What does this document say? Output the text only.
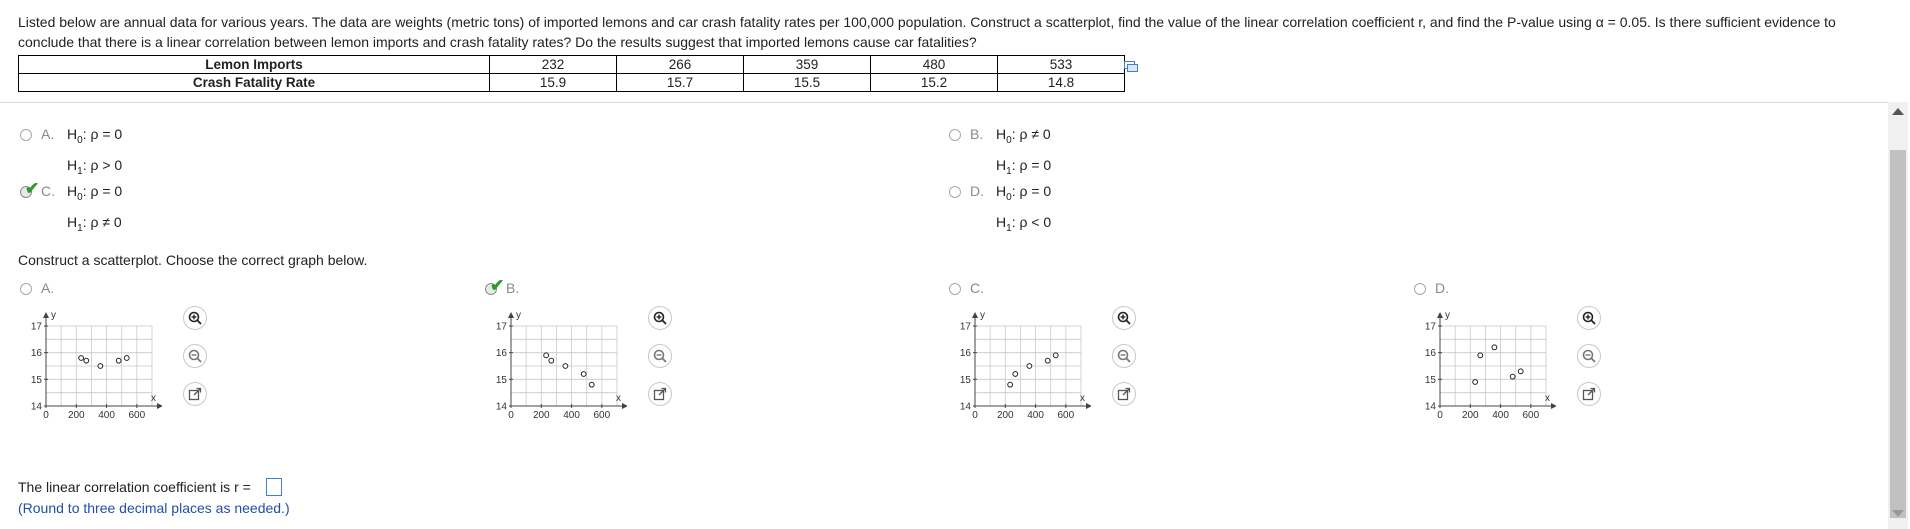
Listed below are annual data for various years. The data are weights (metric tons) of imported lemons and car crash fatality rates per 100,000 population. Construct a scatterplot, find the value of the linear correlation coefficient r, and find the P-value using α = 0.05. Is there sufficient evidence to conclude that there is a linear correlation between lemon imports and crash fatality rates? Do the results suggest that imported lemons cause car fatalities?
Lemon Imports	232	266	359	480	533
Crash Fatality Rate	15.9	15.7	15.5	15.2	14.8
A. $H_0$: ρ = 0
$H_1$: ρ > 0
B. $H_0$: ρ ≠ 0
$H_1$: ρ = 0
✔ C. $H_0$: ρ = 0
$H_1$: ρ ≠ 0
D. $H_0$: ρ = 0
$H_1$: ρ < 0
Construct a scatterplot. Choose the correct graph below.
A.
0 200 400 600
14
15
16
17
x
y
✔ B.
0 200 400 600
14
15
16
17
x
y
C.
0 200 400 600
14
15
16
17
x
y
D.
0 200 400 600
14
15
16
17
x
y
The linear correlation coefficient is r =
(Round to three decimal places as needed.)
